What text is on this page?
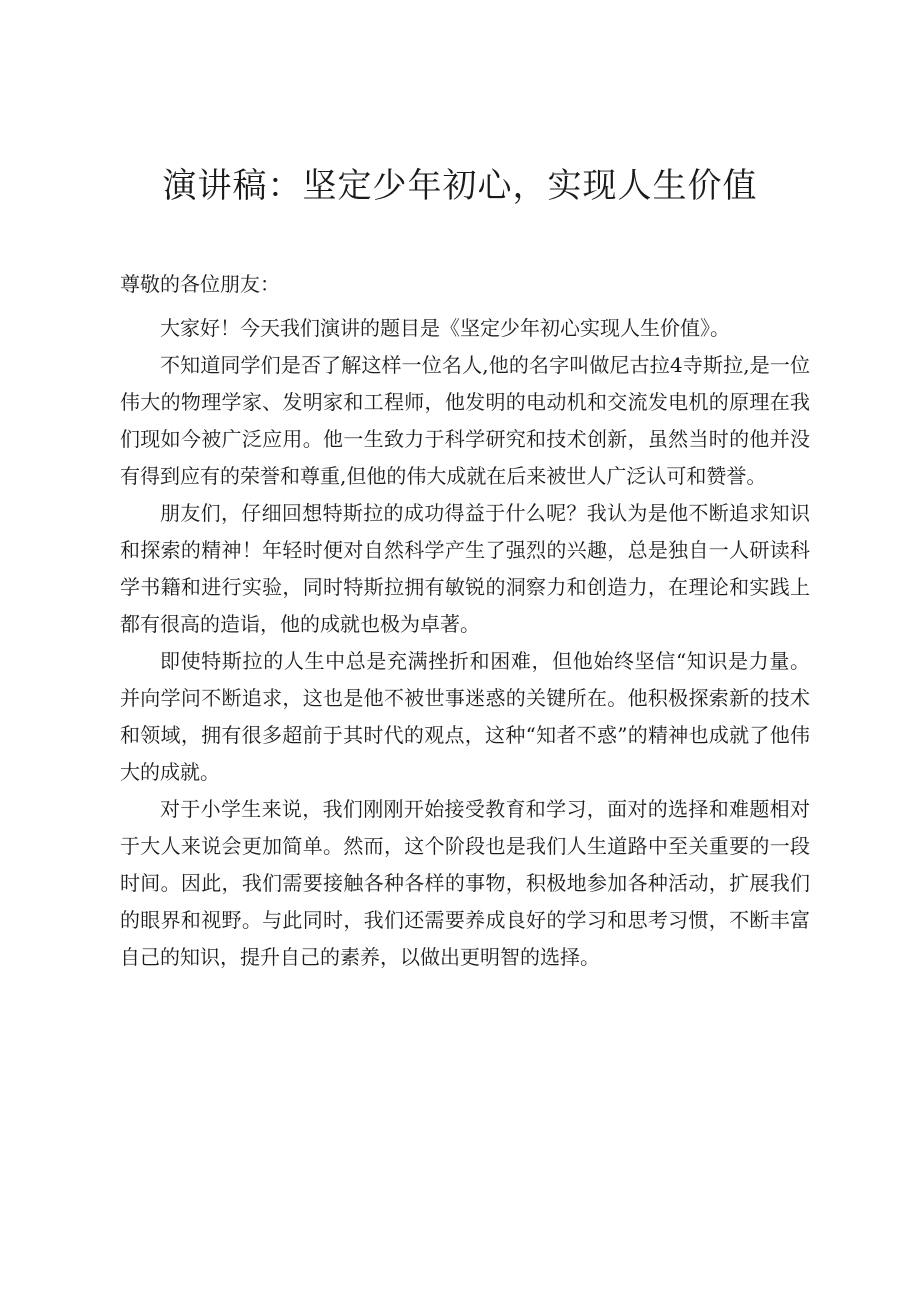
演讲稿：坚定少年初心，实现人生价值

尊敬的各位朋友：

大家好！今天我们演讲的题目是《坚定少年初心实现人生价值》。

不知道同学们是否了解这样一位名人,他的名字叫做尼古拉4寺斯拉,是一位伟大的物理学家、发明家和工程师，他发明的电动机和交流发电机的原理在我们现如今被广泛应用。他一生致力于科学研究和技术创新，虽然当时的他并没有得到应有的荣誉和尊重,但他的伟大成就在后来被世人广泛认可和赞誉。

朋友们，仔细回想特斯拉的成功得益于什么呢？我认为是他不断追求知识和探索的精神！年轻时便对自然科学产生了强烈的兴趣，总是独自一人研读科学书籍和进行实验，同时特斯拉拥有敏锐的洞察力和创造力，在理论和实践上都有很高的造诣，他的成就也极为卓著。

即使特斯拉的人生中总是充满挫折和困难，但他始终坚信“知识是力量。并向学问不断追求，这也是他不被世事迷惑的关键所在。他积极探索新的技术和领域，拥有很多超前于其时代的观点，这种“知者不惑”的精神也成就了他伟大的成就。

对于小学生来说，我们刚刚开始接受教育和学习，面对的选择和难题相对于大人来说会更加简单。然而，这个阶段也是我们人生道路中至关重要的一段时间。因此，我们需要接触各种各样的事物，积极地参加各种活动，扩展我们的眼界和视野。与此同时，我们还需要养成良好的学习和思考习惯，不断丰富自己的知识，提升自己的素养，以做出更明智的选择。
